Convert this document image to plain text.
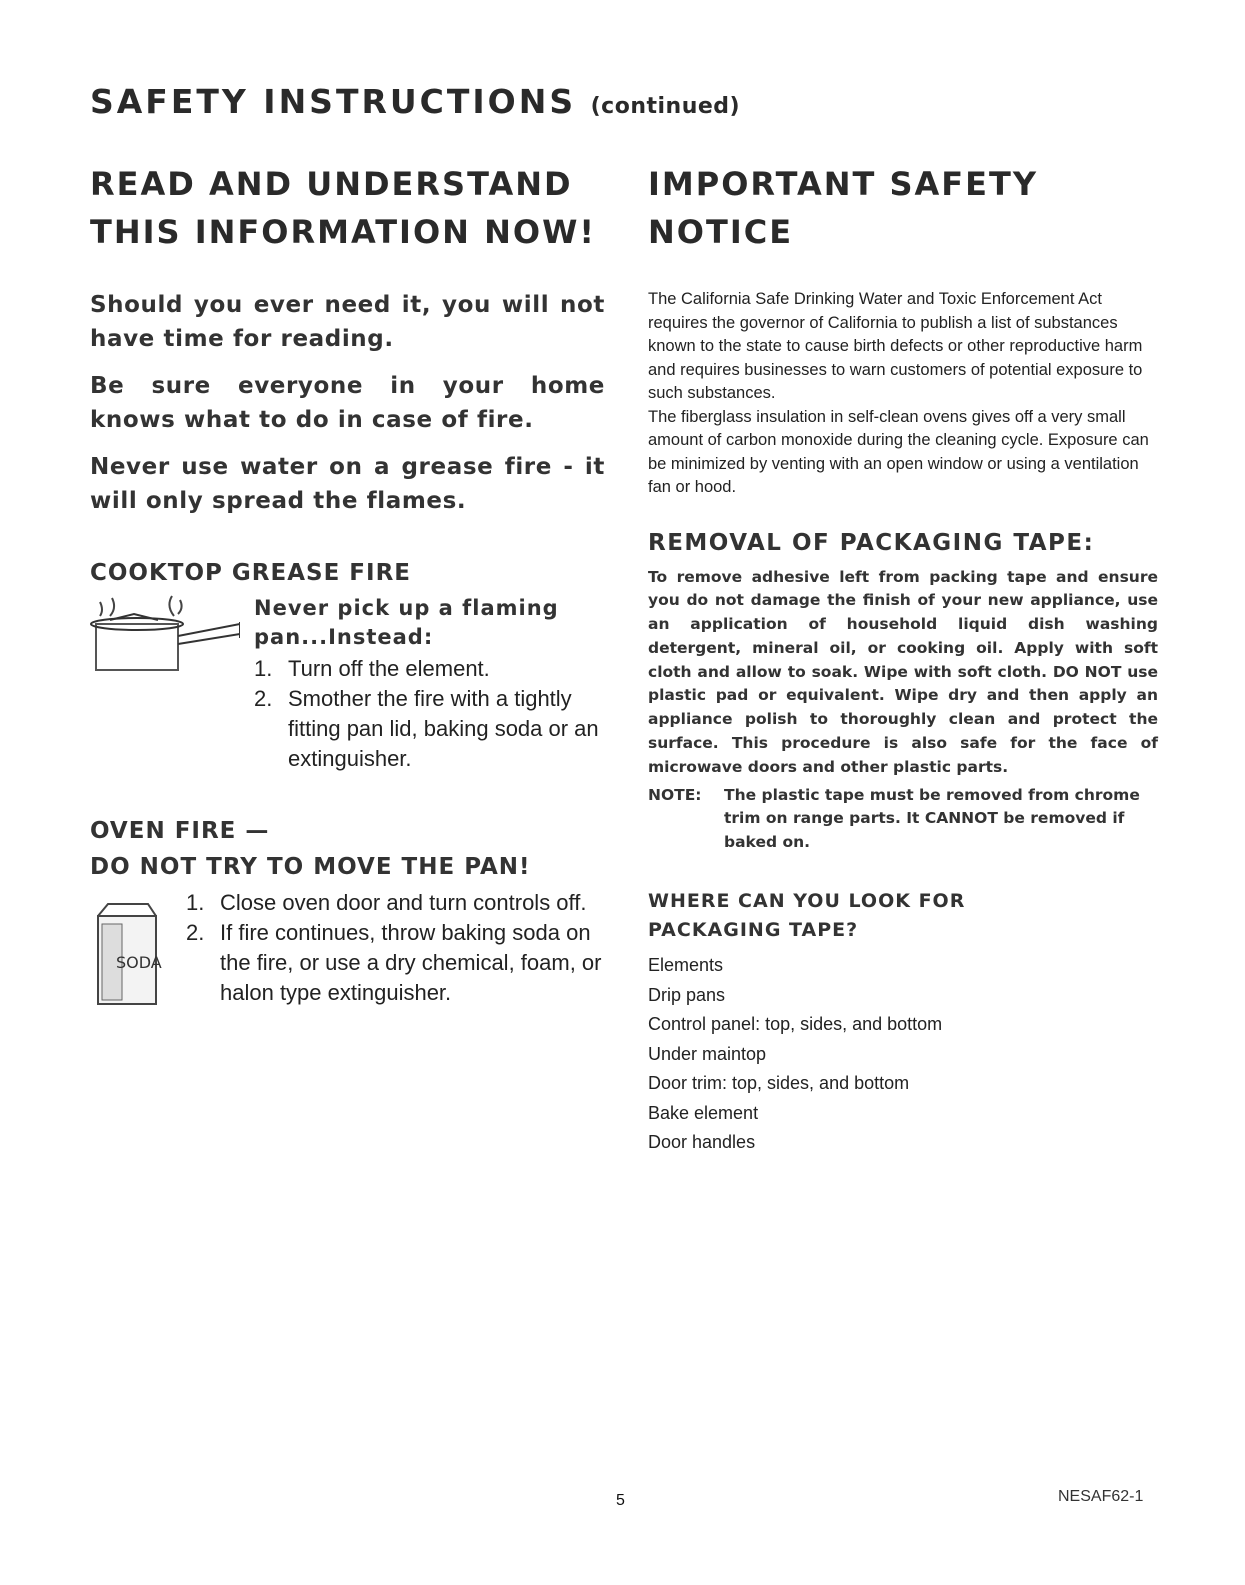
SAFETY INSTRUCTIONS (continued)
READ AND UNDERSTAND
THIS INFORMATION NOW!

Should you ever need it, you will not have time for reading.

Be sure everyone in your home knows what to do in case of fire.

Never use water on a grease fire - it will only spread the flames.

COOKTOP GREASE FIRE

Never pick up a flaming pan...Instead:

1. Turn off the element.
2. Smother the fire with a tightly fitting pan lid, baking soda or an extinguisher.
OVEN FIRE —
DO NOT TRY TO MOVE THE PAN!
SODA
1. Close oven door and turn controls off.
2. If fire continues, throw baking soda on the fire, or use a dry chemical, foam, or halon type extinguisher.
IMPORTANT SAFETY
NOTICE

The California Safe Drinking Water and Toxic Enforcement Act requires the governor of California to publish a list of substances known to the state to cause birth defects or other reproductive harm and requires businesses to warn customers of potential exposure to such substances.

The fiberglass insulation in self-clean ovens gives off a very small amount of carbon monoxide during the cleaning cycle. Exposure can be minimized by venting with an open window or using a ventilation fan or hood.

REMOVAL OF PACKAGING TAPE:

To remove adhesive left from packing tape and ensure you do not damage the finish of your new appliance, use an application of household liquid dish washing detergent, mineral oil, or cooking oil. Apply with soft cloth and allow to soak. Wipe with soft cloth. DO NOT use plastic pad or equivalent. Wipe dry and then apply an appliance polish to thoroughly clean and protect the surface. This procedure is also safe for the face of microwave doors and other plastic parts.

NOTE: The plastic tape must be removed from chrome trim on range parts. It CANNOT be removed if baked on.
WHERE CAN YOU LOOK FOR
PACKAGING TAPE?
Elements
Drip pans
Control panel: top, sides, and bottom
Under maintop
Door trim: top, sides, and bottom
Bake element
Door handles
5	NESAF62-1
